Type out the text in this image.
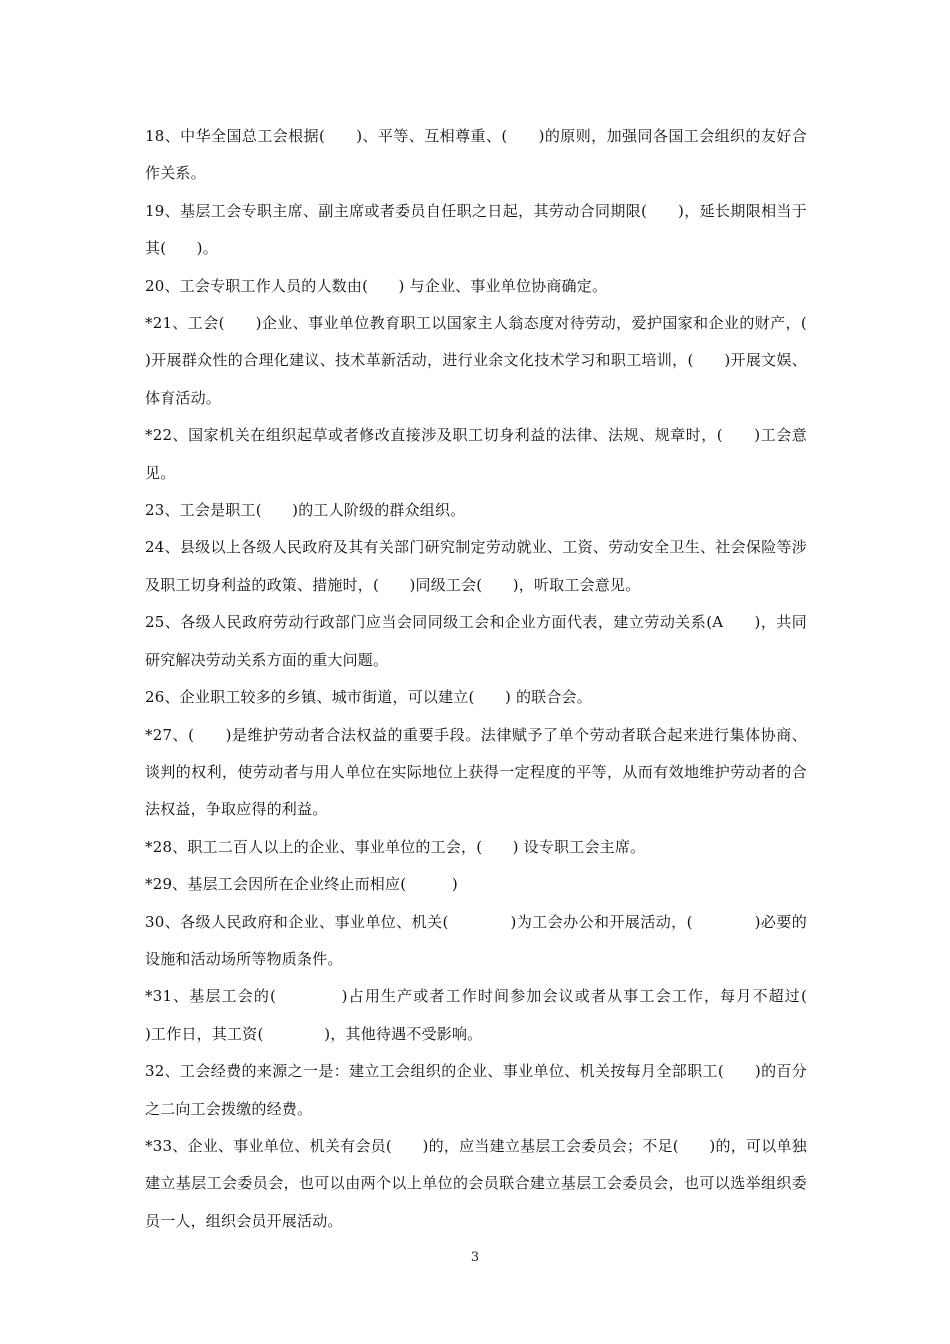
18、中华全国总工会根据(　　)、平等、互相尊重、(　　)的原则，加强同各国工会组织的友好合作关系。

19、基层工会专职主席、副主席或者委员自任职之日起，其劳动合同期限(　　)，延长期限相当于其(　　)。

20、工会专职工作人员的人数由(　　) 与企业、事业单位协商确定。

*21、工会(　　)企业、事业单位教育职工以国家主人翁态度对待劳动，爱护国家和企业的财产，(　　)开展群众性的合理化建议、技术革新活动，进行业余文化技术学习和职工培训，(　　)开展文娱、体育活动。

*22、国家机关在组织起草或者修改直接涉及职工切身利益的法律、法规、规章时，(　　)工会意见。

23、工会是职工(　　)的工人阶级的群众组织。

24、县级以上各级人民政府及其有关部门研究制定劳动就业、工资、劳动安全卫生、社会保险等涉及职工切身利益的政策、措施时，(　　)同级工会(　　)，听取工会意见。

25、各级人民政府劳动行政部门应当会同同级工会和企业方面代表，建立劳动关系(A　　)，共同研究解决劳动关系方面的重大问题。

26、企业职工较多的乡镇、城市街道，可以建立(　　) 的联合会。

*27、(　　)是维护劳动者合法权益的重要手段。法律赋予了单个劳动者联合起来进行集体协商、谈判的权利，使劳动者与用人单位在实际地位上获得一定程度的平等，从而有效地维护劳动者的合法权益，争取应得的利益。

*28、职工二百人以上的企业、事业单位的工会，(　　) 设专职工会主席。

*29、基层工会因所在企业终止而相应(　　　)

30、各级人民政府和企业、事业单位、机关(　　　　)为工会办公和开展活动，(　　　　)必要的设施和活动场所等物质条件。

*31、基层工会的(　　　　)占用生产或者工作时间参加会议或者从事工会工作，每月不超过(　　　　　)工作日，其工资(　　　　)，其他待遇不受影响。

32、工会经费的来源之一是：建立工会组织的企业、事业单位、机关按每月全部职工(　　)的百分之二向工会拨缴的经费。

*33、企业、事业单位、机关有会员(　　)的，应当建立基层工会委员会；不足(　　)的，可以单独建立基层工会委员会，也可以由两个以上单位的会员联合建立基层工会委员会，也可以选举组织委员一人，组织会员开展活动。

3
